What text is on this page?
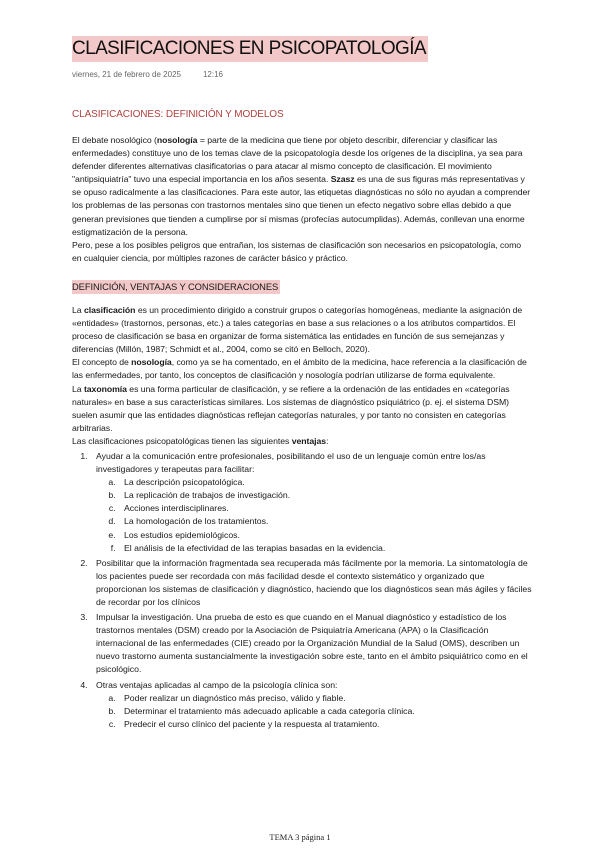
CLASIFICACIONES EN PSICOPATOLOGÍA
viernes, 21 de febrero de 2025	12:16
CLASIFICACIONES: DEFINICIÓN Y MODELOS

El debate nosológico (nosología = parte de la medicina que tiene por objeto describir, diferenciar y clasificar las enfermedades) constituye uno de los temas clave de la psicopatología desde los orígenes de la disciplina, ya sea para defender diferentes alternativas clasificatorias o para atacar al mismo concepto de clasificación. El movimiento "antipsiquiatría" tuvo una especial importancia en los años sesenta. Szasz es una de sus figuras más representativas y se opuso radicalmente a las clasificaciones. Para este autor, las etiquetas diagnósticas no sólo no ayudan a comprender los problemas de las personas con trastornos mentales sino que tienen un efecto negativo sobre ellas debido a que generan previsiones que tienden a cumplirse por sí mismas (profecías autocumplidas). Además, conllevan una enorme estigmatización de la persona.

Pero, pese a los posibles peligros que entrañan, los sistemas de clasificación son necesarios en psicopatología, como en cualquier ciencia, por múltiples razones de carácter básico y práctico.

DEFINICIÓN, VENTAJAS Y CONSIDERACIONES

La clasificación es un procedimiento dirigido a construir grupos o categorías homogéneas, mediante la asignación de «entidades» (trastornos, personas, etc.) a tales categorías en base a sus relaciones o a los atributos compartidos. El proceso de clasificación se basa en organizar de forma sistemática las entidades en función de sus semejanzas y diferencias (Millón, 1987; Schmidt et al., 2004, como se citó en Belloch, 2020).

El concepto de nosología, como ya se ha comentado, en el ámbito de la medicina, hace referencia a la clasificación de las enfermedades, por tanto, los conceptos de clasificación y nosología podrían utilizarse de forma equivalente.

La taxonomía es una forma particular de clasificación, y se refiere a la ordenación de las entidades en «categorías naturales» en base a sus características similares. Los sistemas de diagnóstico psiquiátrico (p. ej. el sistema DSM) suelen asumir que las entidades diagnósticas reflejan categorías naturales, y por tanto no consisten en categorías arbitrarias.

Las clasificaciones psicopatológicas tienen las siguientes ventajas:

1. Ayudar a la comunicación entre profesionales, posibilitando el uso de un lenguaje común entre los/as investigadores y terapeutas para facilitar:
a. La descripción psicopatológica.
b. La replicación de trabajos de investigación.
c. Acciones interdisciplinares.
d. La homologación de los tratamientos.
e. Los estudios epidemiológicos.
f. El análisis de la efectividad de las terapias basadas en la evidencia.
2. Posibilitar que la información fragmentada sea recuperada más fácilmente por la memoria. La sintomatología de los pacientes puede ser recordada con más facilidad desde el contexto sistemático y organizado que proporcionan los sistemas de clasificación y diagnóstico, haciendo que los diagnósticos sean más ágiles y fáciles de recordar por los clínicos
3. Impulsar la investigación. Una prueba de esto es que cuando en el Manual diagnóstico y estadístico de los trastornos mentales (DSM) creado por la Asociación de Psiquiatría Americana (APA) o la Clasificación internacional de las enfermedades (CIE) creado por la Organización Mundial de la Salud (OMS), describen un nuevo trastorno aumenta sustancialmente la investigación sobre este, tanto en el ámbito psiquiátrico como en el psicológico.
4. Otras ventajas aplicadas al campo de la psicología clínica son:
a. Poder realizar un diagnóstico más preciso, válido y fiable.
b. Determinar el tratamiento más adecuado aplicable a cada categoría clínica.
c. Predecir el curso clínico del paciente y la respuesta al tratamiento.
TEMA 3 página 1
